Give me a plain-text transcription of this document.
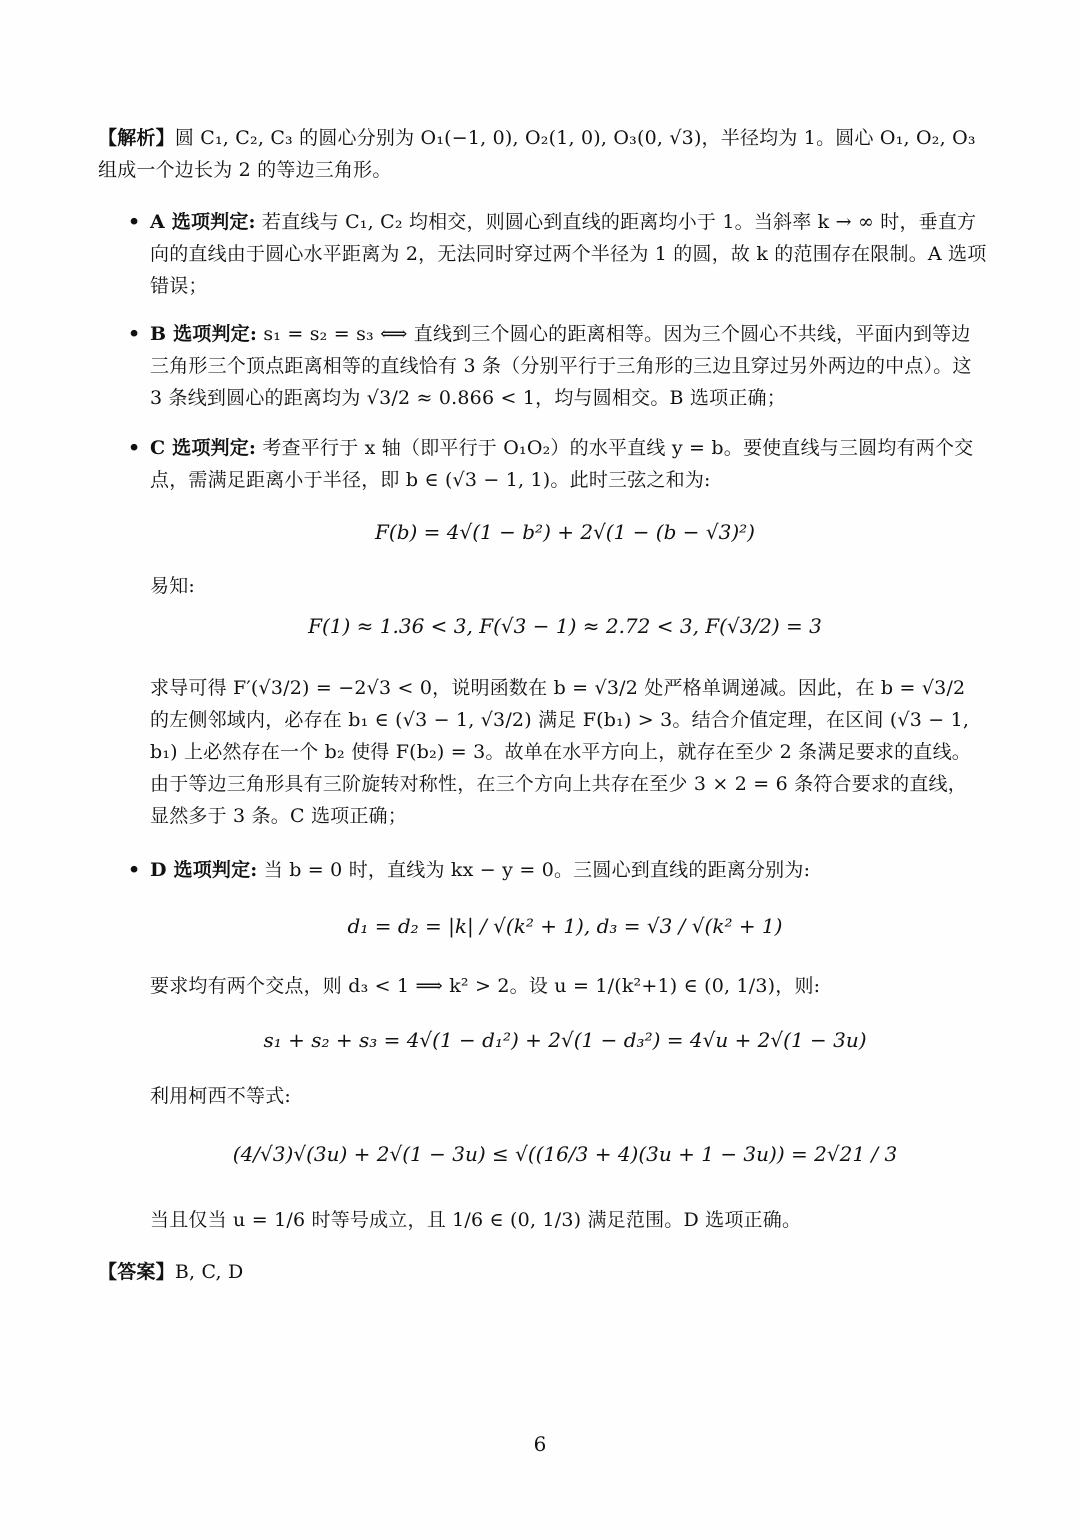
【解析】圆 C₁, C₂, C₃ 的圆心分别为 O₁(−1, 0), O₂(1, 0), O₃(0, √3)，半径均为 1。圆心 O₁, O₂, O₃ 组成一个边长为 2 的等边三角形。
• A 选项判定: 若直线与 C₁, C₂ 均相交，则圆心到直线的距离均小于 1。当斜率 k → ∞ 时，垂直方向的直线由于圆心水平距离为 2，无法同时穿过两个半径为 1 的圆，故 k 的范围存在限制。A 选项错误；
• B 选项判定: s₁ = s₂ = s₃ ⟺ 直线到三个圆心的距离相等。因为三个圆心不共线，平面内到等边三角形三个顶点距离相等的直线恰有 3 条（分别平行于三角形的三边且穿过另外两边的中点）。这 3 条线到圆心的距离均为 √3/2 ≈ 0.866 < 1，均与圆相交。B 选项正确；
• C 选项判定: 考查平行于 x 轴（即平行于 O₁O₂）的水平直线 y = b。要使直线与三圆均有两个交点，需满足距离小于半径，即 b ∈ (√3 − 1, 1)。此时三弦之和为:
F(b) = 4√(1 − b²) + 2√(1 − (b − √3)²)
易知:
F(1) ≈ 1.36 < 3, F(√3 − 1) ≈ 2.72 < 3, F(√3/2) = 3
求导可得 F′(√3/2) = −2√3 < 0，说明函数在 b = √3/2 处严格单调递减。因此，在 b = √3/2 的左侧邻域内，必存在 b₁ ∈ (√3 − 1, √3/2) 满足 F(b₁) > 3。结合介值定理，在区间 (√3 − 1, b₁) 上必然存在一个 b₂ 使得 F(b₂) = 3。故单在水平方向上，就存在至少 2 条满足要求的直线。由于等边三角形具有三阶旋转对称性，在三个方向上共存在至少 3 × 2 = 6 条符合要求的直线，显然多于 3 条。C 选项正确；
• D 选项判定: 当 b = 0 时，直线为 kx − y = 0。三圆心到直线的距离分别为:
d₁ = d₂ = |k| / √(k² + 1), d₃ = √3 / √(k² + 1)
要求均有两个交点，则 d₃ < 1 ⟹ k² > 2。设 u = 1/(k²+1) ∈ (0, 1/3)，则:
s₁ + s₂ + s₃ = 4√(1 − d₁²) + 2√(1 − d₃²) = 4√u + 2√(1 − 3u)
利用柯西不等式:
(4/√3)√(3u) + 2√(1 − 3u) ≤ √((16/3 + 4)(3u + 1 − 3u)) = 2√21 / 3
当且仅当 u = 1/6 时等号成立，且 1/6 ∈ (0, 1/3) 满足范围。D 选项正确。
【答案】B, C, D
6
